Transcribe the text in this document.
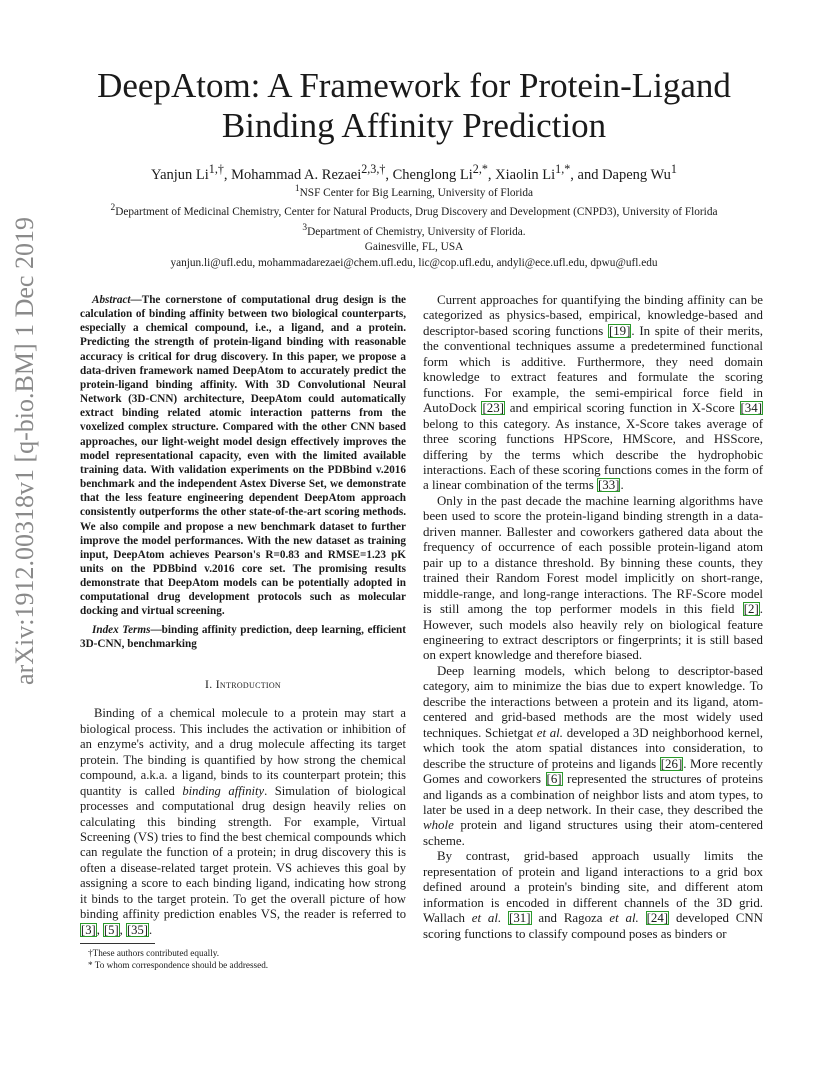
arXiv:1912.00318v1 [q-bio.BM] 1 Dec 2019
DeepAtom: A Framework for Protein-Ligand
Binding Affinity Prediction
Yanjun $Li^{1,\dagger}$, Mohammad A. Rezaei$^{2,3,\dagger}$, Chenglong $Li^{2,*}$, Xiaolin $Li^{1,*}$, and Dapeng Wu$^1$
$^1$NSF Center for Big Learning, University of Florida
$^2$Department of Medicinal Chemistry, Center for Natural Products, Drug Discovery and Development (CNPD3), University of Florida
$^3$Department of Chemistry, University of Florida.
Gainesville, FL, USA
yanjun.li@ufl.edu, mohammadarezaei@chem.ufl.edu, lic@cop.ufl.edu, andyli@ece.ufl.edu, dpwu@ufl.edu

Abstract—The cornerstone of computational drug design is the calculation of binding affinity between two biological counterparts, especially a chemical compound, i.e., a ligand, and a protein. Predicting the strength of protein-ligand binding with reasonable accuracy is critical for drug discovery. In this paper, we propose a data-driven framework named DeepAtom to accurately predict the protein-ligand binding affinity. With 3D Convolutional Neural Network (3D-CNN) architecture, DeepAtom could automatically extract binding related atomic interaction patterns from the voxelized complex structure. Compared with the other CNN based approaches, our light-weight model design effectively improves the model representational capacity, even with the limited available training data. With validation experiments on the PDBbind v.2016 benchmark and the independent Astex Diverse Set, we demonstrate that the less feature engineering dependent DeepAtom approach consistently outperforms the other state-of-the-art scoring methods. We also compile and propose a new benchmark dataset to further improve the model performances. With the new dataset as training input, DeepAtom achieves Pearson's R=0.83 and RMSE=1.23 pK units on the PDBbind v.2016 core set. The promising results demonstrate that DeepAtom models can be potentially adopted in computational drug development protocols such as molecular docking and virtual screening.

Index Terms—binding affinity prediction, deep learning, efficient 3D-CNN, benchmarking

I. Introduction

Binding of a chemical molecule to a protein may start a biological process. This includes the activation or inhibition of an enzyme's activity, and a drug molecule affecting its target protein. The binding is quantified by how strong the chemical compound, a.k.a. a ligand, binds to its counterpart protein; this quantity is called binding affinity. Simulation of biological processes and computational drug design heavily relies on calculating this binding strength. For example, Virtual Screening (VS) tries to find the best chemical compounds which can regulate the function of a protein; in drug discovery this is often a disease-related target protein. VS achieves this goal by assigning a score to each binding ligand, indicating how strong it binds to the target protein. To get the overall picture of how binding affinity prediction enables VS, the reader is referred to [3], [5], [35].

†These authors contributed equally.
* To whom correspondence should be addressed.

Current approaches for quantifying the binding affinity can be categorized as physics-based, empirical, knowledge-based and descriptor-based scoring functions [19]. In spite of their merits, the conventional techniques assume a predetermined functional form which is additive. Furthermore, they need domain knowledge to extract features and formulate the scoring functions. For example, the semi-empirical force field in AutoDock [23] and empirical scoring function in X-Score [34] belong to this category. As instance, X-Score takes average of three scoring functions HPScore, HMScore, and HSScore, differing by the terms which describe the hydrophobic interactions. Each of these scoring functions comes in the form of a linear combination of the terms [33].

Only in the past decade the machine learning algorithms have been used to score the protein-ligand binding strength in a data-driven manner. Ballester and coworkers gathered data about the frequency of occurrence of each possible protein-ligand atom pair up to a distance threshold. By binning these counts, they trained their Random Forest model implicitly on short-range, middle-range, and long-range interactions. The RF-Score model is still among the top performer models in this field [2]. However, such models also heavily rely on biological feature engineering to extract descriptors or fingerprints; it is still based on expert knowledge and therefore biased.

Deep learning models, which belong to descriptor-based category, aim to minimize the bias due to expert knowledge. To describe the interactions between a protein and its ligand, atom-centered and grid-based methods are the most widely used techniques. Schietgat et al. developed a 3D neighborhood kernel, which took the atom spatial distances into consideration, to describe the structure of proteins and ligands [26]. More recently Gomes and coworkers [6] represented the structures of proteins and ligands as a combination of neighbor lists and atom types, to later be used in a deep network. In their case, they described the whole protein and ligand structures using their atom-centered scheme.

By contrast, grid-based approach usually limits the representation of protein and ligand interactions to a grid box defined around a protein's binding site, and different atom information is encoded in different channels of the 3D grid. Wallach et al. [31] and Ragoza et al. [24] developed CNN scoring functions to classify compound poses as binders or
